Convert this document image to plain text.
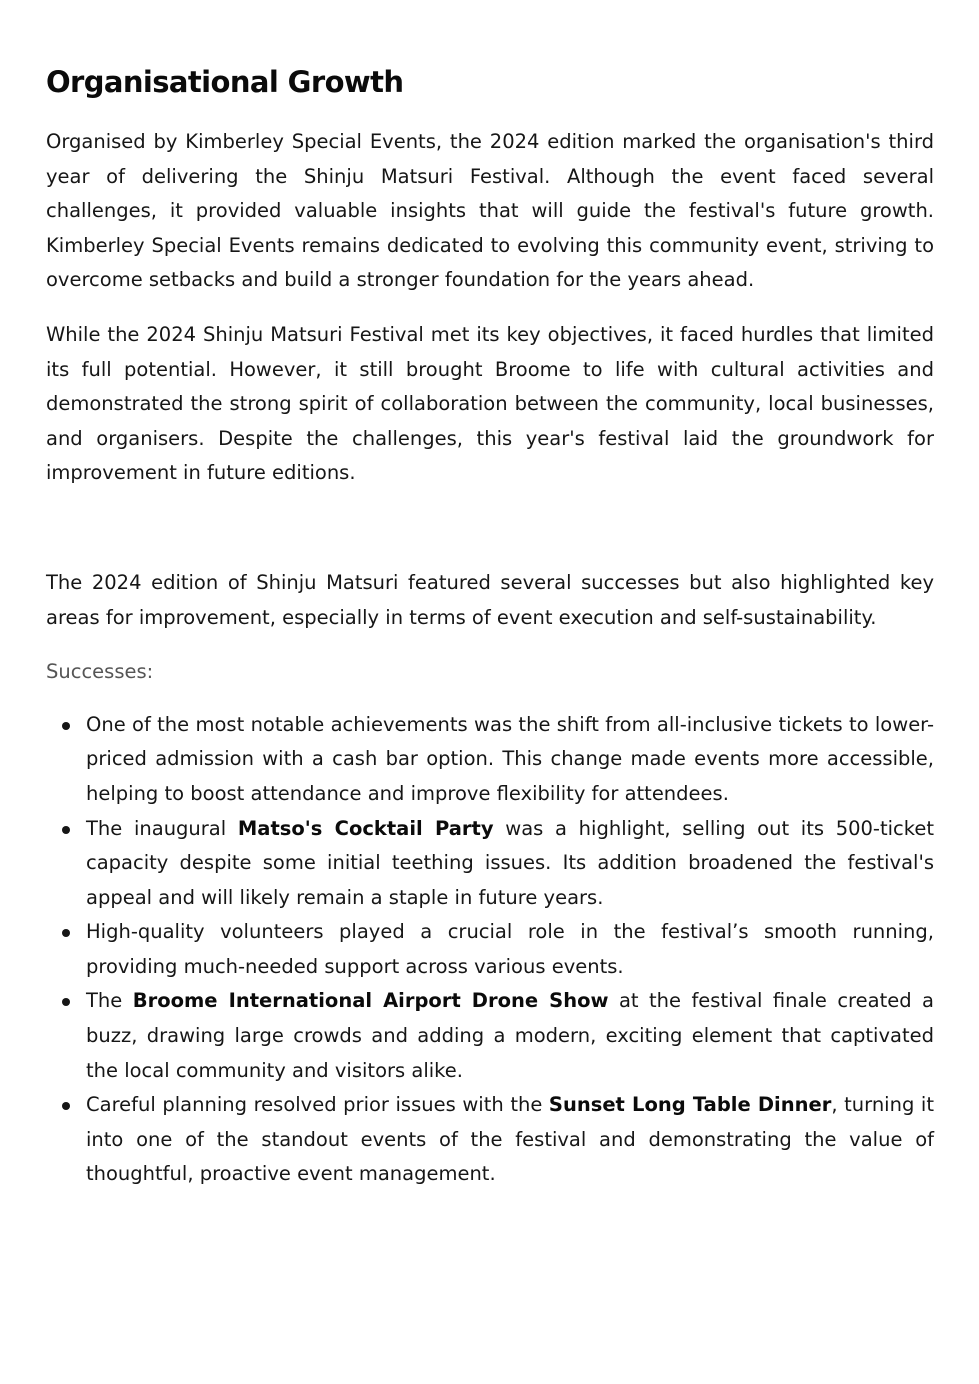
Organisational Growth

Organised by Kimberley Special Events, the 2024 edition marked the organisation's third year of delivering the Shinju Matsuri Festival. Although the event faced several challenges, it provided valuable insights that will guide the festival's future growth. Kimberley Special Events remains dedicated to evolving this community event, striving to overcome setbacks and build a stronger foundation for the years ahead.

While the 2024 Shinju Matsuri Festival met its key objectives, it faced hurdles that limited its full potential. However, it still brought Broome to life with cultural activities and demonstrated the strong spirit of collaboration between the community, local businesses, and organisers. Despite the challenges, this year's festival laid the groundwork for improvement in future editions.

The 2024 edition of Shinju Matsuri featured several successes but also highlighted key areas for improvement, especially in terms of event execution and self-sustainability.

Successes:

One of the most notable achievements was the shift from all-inclusive tickets to lower-priced admission with a cash bar option. This change made events more accessible, helping to boost attendance and improve flexibility for attendees.
The inaugural Matso's Cocktail Party was a highlight, selling out its 500-ticket capacity despite some initial teething issues. Its addition broadened the festival's appeal and will likely remain a staple in future years.
High-quality volunteers played a crucial role in the festival’s smooth running, providing much-needed support across various events.
The Broome International Airport Drone Show at the festival finale created a buzz, drawing large crowds and adding a modern, exciting element that captivated the local community and visitors alike.
Careful planning resolved prior issues with the Sunset Long Table Dinner, turning it into one of the standout events of the festival and demonstrating the value of thoughtful, proactive event management.
